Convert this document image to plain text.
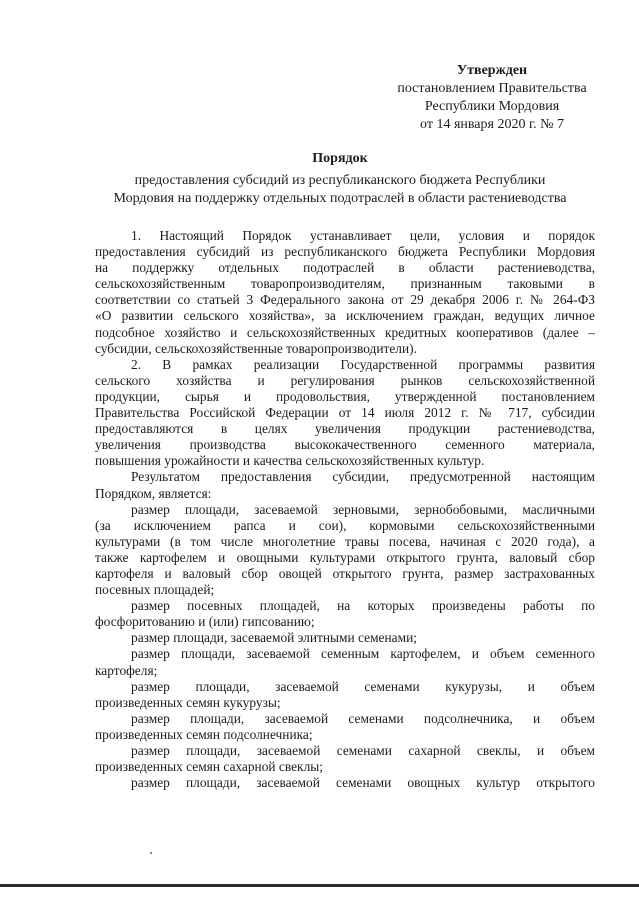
Утвержден
постановлением Правительства
Республики Мордовия
от 14 января 2020 г. № 7
Порядок
предоставления субсидий из республиканского бюджета Республики
Мордовия на поддержку отдельных подотраслей в области растениеводства

1. Настоящий Порядок устанавливает цели, условия и порядок

предоставления субсидий из республиканского бюджета Республики Мордовия

на поддержку отдельных подотраслей в области растениеводства,

сельскохозяйственным товаропроизводителям, признанным таковыми в

соответствии со статьей 3 Федерального закона от 29 декабря 2006 г. № 264-ФЗ

«О развитии сельского хозяйства», за исключением граждан, ведущих личное

подсобное хозяйство и сельскохозяйственных кредитных кооперативов (далее –

субсидии, сельскохозяйственные товаропроизводители).

2. В рамках реализации Государственной программы развития

сельского хозяйства и регулирования рынков сельскохозяйственной

продукции, сырья и продовольствия, утвержденной постановлением

Правительства Российской Федерации от 14 июля 2012 г. № 717, субсидии

предоставляются в целях увеличения продукции растениеводства,

увеличения производства высококачественного семенного материала,

повышения урожайности и качества сельскохозяйственных культур.

Результатом предоставления субсидии, предусмотренной настоящим

Порядком, является:

размер площади, засеваемой зерновыми, зернобобовыми, масличными

(за исключением рапса и сои), кормовыми сельскохозяйственными

культурами (в том числе многолетние травы посева, начиная с 2020 года), а

также картофелем и овощными культурами открытого грунта, валовый сбор

картофеля и валовый сбор овощей открытого грунта, размер застрахованных

посевных площадей;

размер посевных площадей, на которых произведены работы по

фосфоритованию и (или) гипсованию;

размер площади, засеваемой элитными семенами;

размер площади, засеваемой семенным картофелем, и объем семенного

картофеля;

размер площади, засеваемой семенами кукурузы, и объем

произведенных семян кукурузы;

размер площади, засеваемой семенами подсолнечника, и объем

произведенных семян подсолнечника;

размер площади, засеваемой семенами сахарной свеклы, и объем

произведенных семян сахарной свеклы;

размер площади, засеваемой семенами овощных культур открытого
